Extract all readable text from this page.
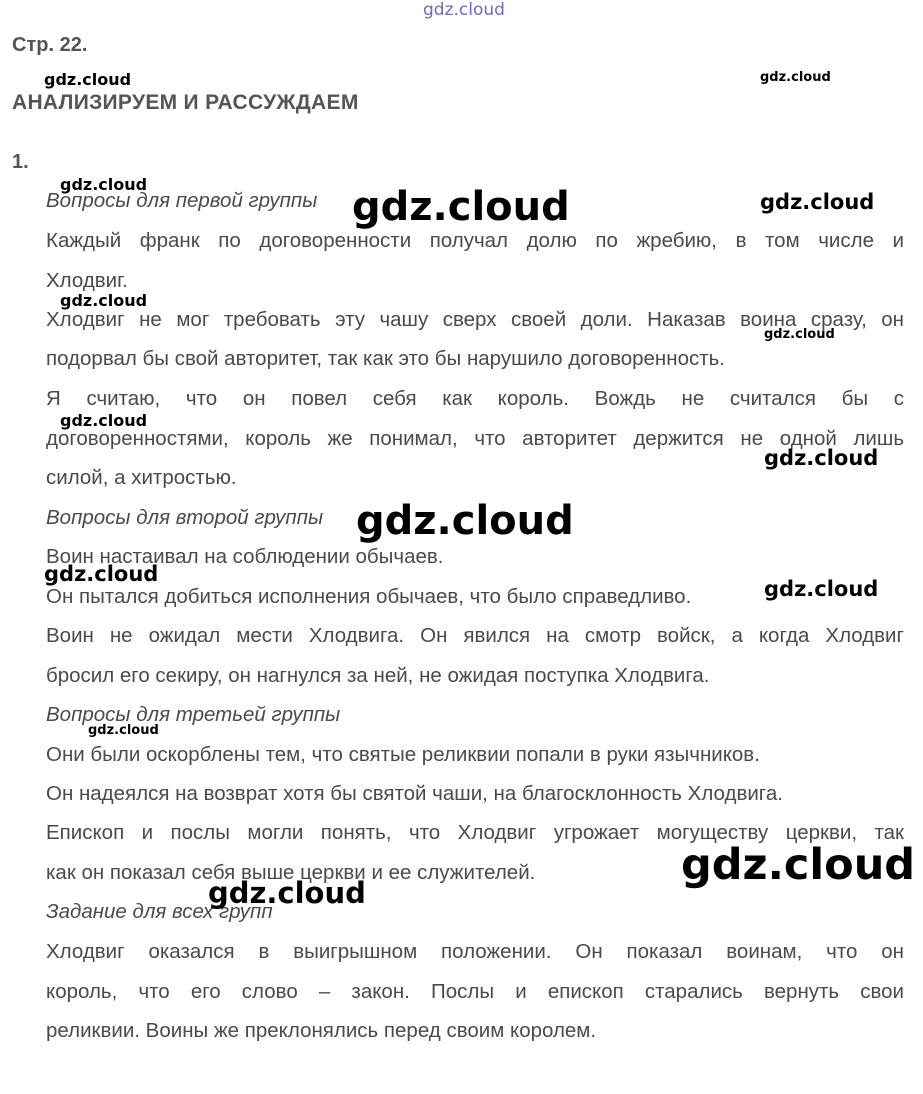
Стр. 22.
АНАЛИЗИРУЕМ И РАССУЖДАЕМ
1.
Вопросы для первой группы
Каждый франк по договоренности получал долю по жребию, в том числе и
Хлодвиг.
Хлодвиг не мог требовать эту чашу сверх своей доли. Наказав воина сразу, он
подорвал бы свой авторитет, так как это бы нарушило договоренность.
Я считаю, что он повел себя как король. Вождь не считался бы с
договоренностями, король же понимал, что авторитет держится не одной лишь
силой, а хитростью.
Вопросы для второй группы
Воин настаивал на соблюдении обычаев.
Он пытался добиться исполнения обычаев, что было справедливо.
Воин не ожидал мести Хлодвига. Он явился на смотр войск, а когда Хлодвиг
бросил его секиру, он нагнулся за ней, не ожидая поступка Хлодвига.
Вопросы для третьей группы
Они были оскорблены тем, что святые реликвии попали в руки язычников.
Он надеялся на возврат хотя бы святой чаши, на благосклонность Хлодвига.
Епископ и послы могли понять, что Хлодвиг угрожает могуществу церкви, так
как он показал себя выше церкви и ее служителей.
Задание для всех групп
Хлодвиг оказался в выигрышном положении. Он показал воинам, что он
король, что его слово – закон. Послы и епископ старались вернуть свои
реликвии. Воины же преклонялись перед своим королем.
gdz.cloud
gdz.cloud	gdz.cloud
gdz.cloud	gdz.cloud	gdz.cloud
gdz.cloud
gdz.cloud
gdz.cloud
gdz.cloud
gdz.cloud
gdz.cloud
gdz.cloud
gdz.cloud
gdz.cloud
gdz.cloud
